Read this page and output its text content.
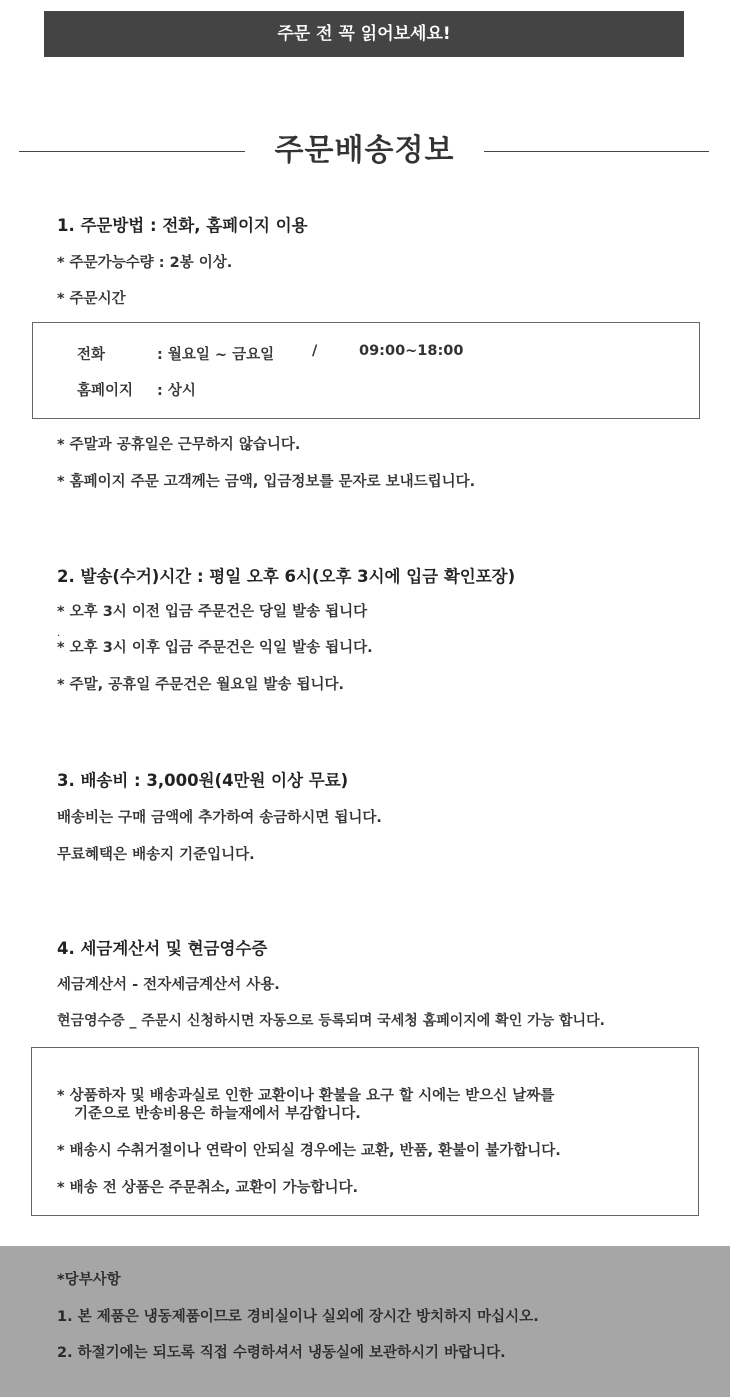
주문 전 꼭 읽어보세요!
주문배송정보
1. 주문방법 : 전화, 홈페이지 이용
* 주문가능수량 : 2봉 이상.
* 주문시간
전화	: 월요일 ~ 금요일	/	09:00~18:00
홈페이지 : 상시
* 주말과 공휴일은 근무하지 않습니다.
* 홈페이지 주문 고객께는 금액, 입금정보를 문자로 보내드립니다.
2. 발송(수거)시간 : 평일 오후 6시(오후 3시에 입금 확인포장)
* 오후 3시 이전 입금 주문건은 당일 발송 됩니다
.
* 오후 3시 이후 입금 주문건은 익일 발송 됩니다.
* 주말, 공휴일 주문건은 월요일 발송 됩니다.
3. 배송비 : 3,000원(4만원 이상 무료)
배송비는 구매 금액에 추가하여 송금하시면 됩니다.
무료혜택은 배송지 기준입니다.
4. 세금계산서 및 현금영수증
세금계산서 - 전자세금계산서 사용.
현금영수증 _ 주문시 신청하시면 자동으로 등록되며 국세청 홈페이지에 확인 가능 합니다.
* 상품하자 및 배송과실로 인한 교환이나 환불을 요구 할 시에는 받으신 날짜를
기준으로 반송비용은 하늘재에서 부감합니다.
* 배송시 수취거절이나 연락이 안되실 경우에는 교환, 반품, 환불이 불가합니다.
* 배송 전 상품은 주문취소, 교환이 가능합니다.
*당부사항
1. 본 제품은 냉동제품이므로 경비실이나 실외에 장시간 방치하지 마십시오.
2. 하절기에는 되도록 직접 수령하셔서 냉동실에 보관하시기 바랍니다.
